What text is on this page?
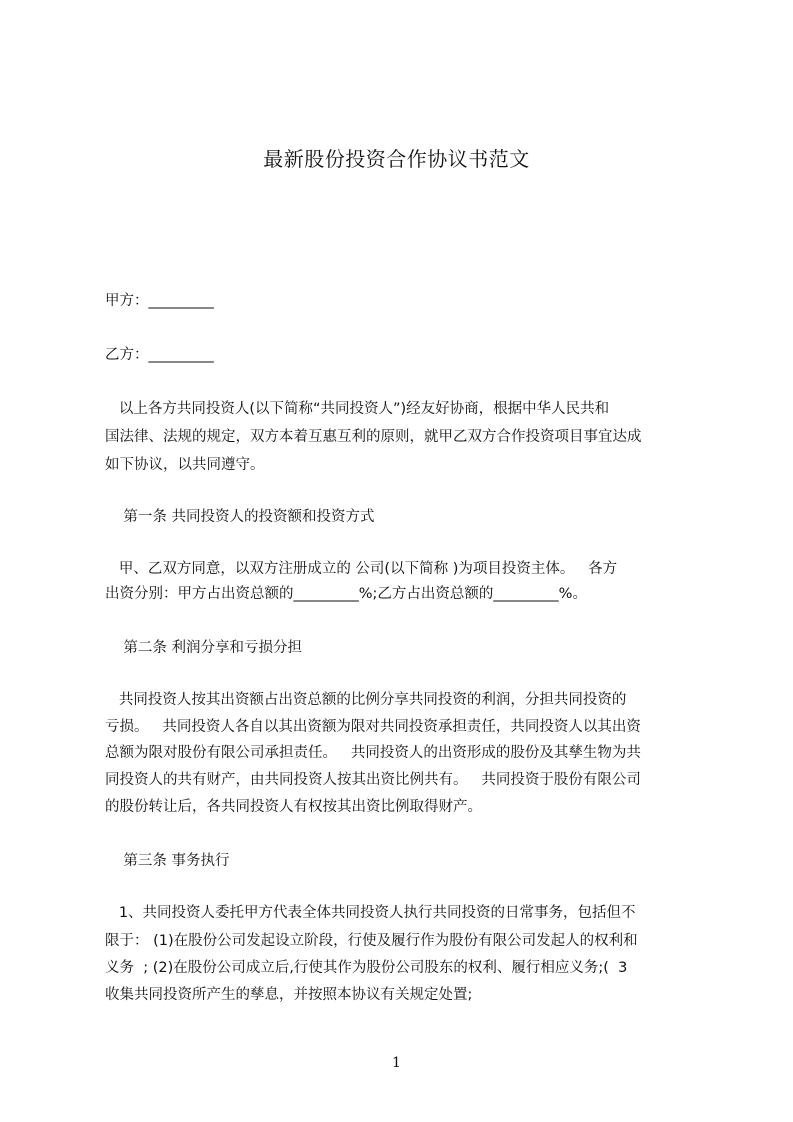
最新股份投资合作协议书范文
甲方：_________
乙方：_________
以上各方共同投资人(以下简称“共同投资人”)经友好协商，根据中华人民共和
国法律、法规的规定，双方本着互惠互利的原则，就甲乙双方合作投资项目事宜达成
如下协议，以共同遵守。
第一条 共同投资人的投资额和投资方式
甲、乙双方同意，以双方注册成立的 公司(以下简称 )为项目投资主体。   各方
出资分别：甲方占出资总额的_________%;乙方占出资总额的_________%。
第二条 利润分享和亏损分担
共同投资人按其出资额占出资总额的比例分享共同投资的利润，分担共同投资的
亏损。   共同投资人各自以其出资额为限对共同投资承担责任，共同投资人以其出资
总额为限对股份有限公司承担责任。   共同投资人的出资形成的股份及其孳生物为共
同投资人的共有财产，由共同投资人按其出资比例共有。   共同投资于股份有限公司
的股份转让后，各共同投资人有权按其出资比例取得财产。
第三条 事务执行
1、共同投资人委托甲方代表全体共同投资人执行共同投资的日常事务，包括但不
限于： (1)在股份公司发起设立阶段，行使及履行作为股份有限公司发起人的权利和
义务  ; (2)在股份公司成立后,行使其作为股份公司股东的权利、履行相应义务;(  3
收集共同投资所产生的孳息，并按照本协议有关规定处置;
1
